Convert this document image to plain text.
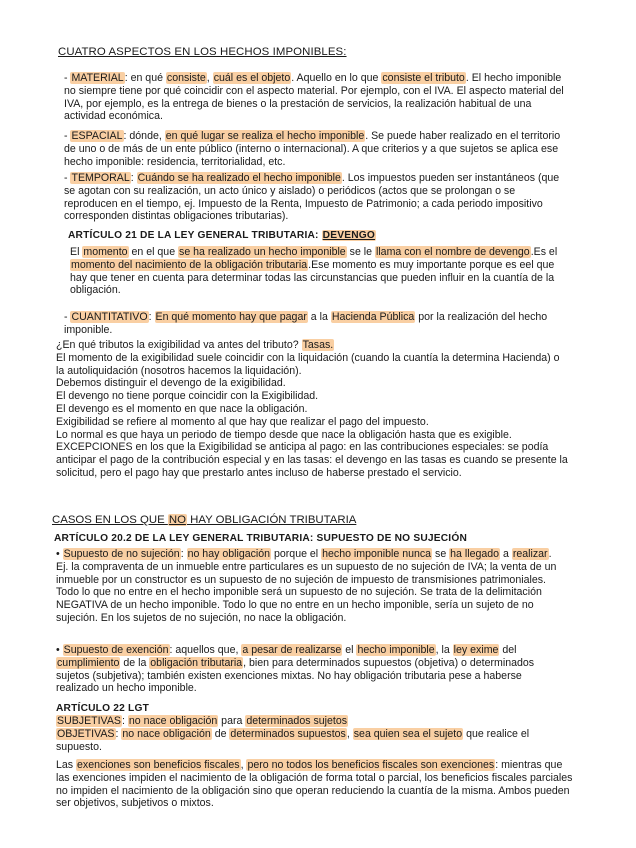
CUATRO ASPECTOS EN LOS HECHOS IMPONIBLES:
- MATERIAL: en qué consiste, cuál es el objeto. Aquello en lo que consiste el tributo. El hecho imponible no siempre tiene por qué coincidir con el aspecto material. Por ejemplo, con el IVA. El aspecto material del IVA, por ejemplo, es la entrega de bienes o la prestación de servicios, la realización habitual de una actividad económica.
- ESPACIAL: dónde, en qué lugar se realiza el hecho imponible. Se puede haber realizado en el territorio de uno o de más de un ente público (interno o internacional). A que criterios y a que sujetos se aplica ese hecho imponible: residencia, territorialidad, etc.
- TEMPORAL: Cuándo se ha realizado el hecho imponible. Los impuestos pueden ser instantáneos (que se agotan con su realización, un acto único y aislado) o periódicos (actos que se prolongan o se reproducen en el tiempo, ej. Impuesto de la Renta, Impuesto de Patrimonio; a cada periodo impositivo corresponden distintas obligaciones tributarias).
ARTÍCULO 21 DE LA LEY GENERAL TRIBUTARIA: DEVENGO
El momento en el que se ha realizado un hecho imponible se le llama con el nombre de devengo.Es el momento del nacimiento de la obligación tributaria.Ese momento es muy importante porque es eel que hay que tener en cuenta para determinar todas las circunstancias que pueden influir en la cuantía de la obligación.
- CUANTITATIVO: En qué momento hay que pagar a la Hacienda Pública por la realización del hecho imponible.

¿En qué tributos la exigibilidad va antes del tributo? Tasas.

El momento de la exigibilidad suele coincidir con la liquidación (cuando la cuantía la determina Hacienda) o la autoliquidación (nosotros hacemos la liquidación).

Debemos distinguir el devengo de la exigibilidad.

El devengo no tiene porque coincidir con la Exigibilidad.

El devengo es el momento en que nace la obligación.

Exigibilidad se refiere al momento al que hay que realizar el pago del impuesto.

Lo normal es que haya un periodo de tiempo desde que nace la obligación hasta que es exigible. EXCEPCIONES en los que la Exigibilidad se anticipa al pago: en las contribuciones especiales: se podía anticipar el pago de la contribución especial y en las tasas: el devengo en las tasas es cuando se presente la solicitud, pero el pago hay que prestarlo antes incluso de haberse prestado el servicio.

CASOS EN LOS QUE NO HAY OBLIGACIÓN TRIBUTARIA
ARTÍCULO 20.2 DE LA LEY GENERAL TRIBUTARIA: SUPUESTO DE NO SUJECIÓN
• Supuesto de no sujeción: no hay obligación porque el hecho imponible nunca se ha llegado a realizar. Ej. la compraventa de un inmueble entre particulares es un supuesto de no sujeción de IVA; la venta de un inmueble por un constructor es un supuesto de no sujeción de impuesto de transmisiones patrimoniales. Todo lo que no entre en el hecho imponible será un supuesto de no sujeción. Se trata de la delimitación NEGATIVA de un hecho imponible. Todo lo que no entre en un hecho imponible, sería un sujeto de no sujeción. En los sujetos de no sujeción, no nace la obligación.
• Supuesto de exención: aquellos que, a pesar de realizarse el hecho imponible, la ley exime del cumplimiento de la obligación tributaria, bien para determinados supuestos (objetiva) o determinados sujetos (subjetiva); también existen exenciones mixtas. No hay obligación tributaria pese a haberse realizado un hecho imponible.
ARTÍCULO 22 LGT

SUBJETIVAS: no nace obligación para determinados sujetos

OBJETIVAS: no nace obligación de determinados supuestos, sea quien sea el sujeto que realice el supuesto.

Las exenciones son beneficios fiscales, pero no todos los beneficios fiscales son exenciones: mientras que las exenciones impiden el nacimiento de la obligación de forma total o parcial, los beneficios fiscales parciales no impiden el nacimiento de la obligación sino que operan reduciendo la cuantía de la misma. Ambos pueden ser objetivos, subjetivos o mixtos.
